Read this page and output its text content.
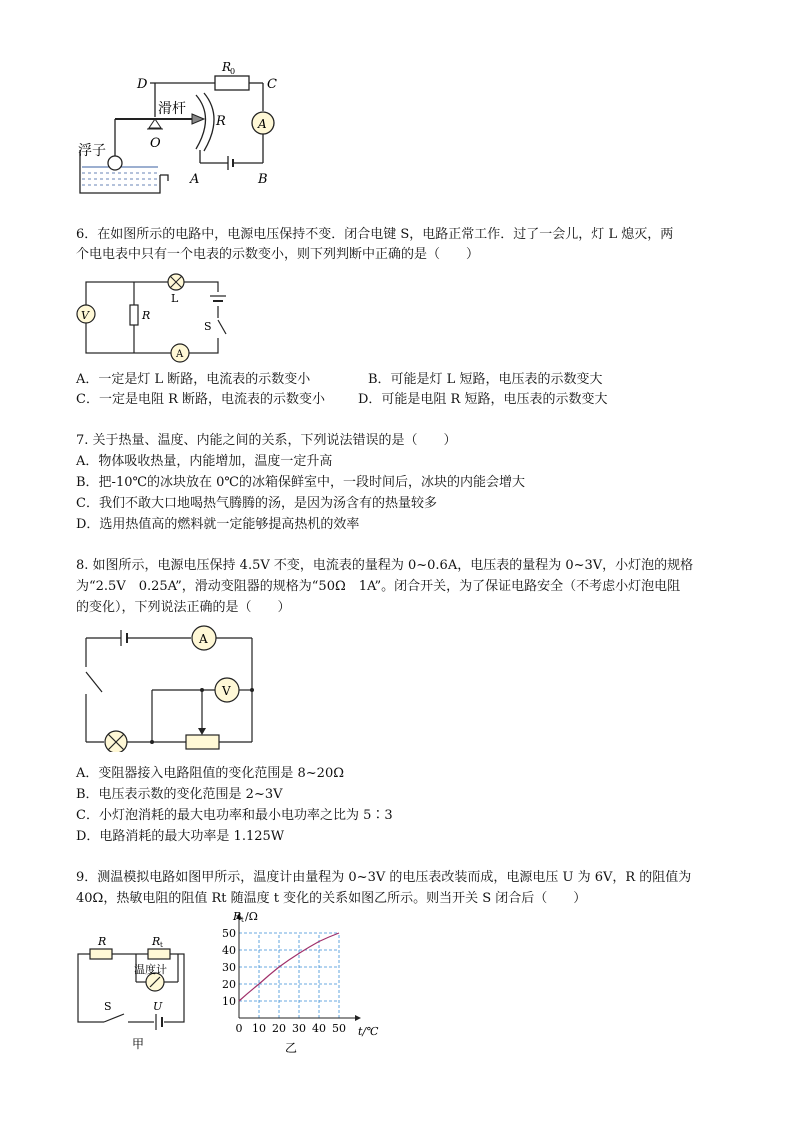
D	C
R
0
滑杆
R
O
浮子
A	B
A
6．在如图所示的电路中，电源电压保持不变．闭合电键 S，电路正常工作．过了一会儿，灯 L 熄灭，两
个电电表中只有一个电表的示数变小，则下列判断中正确的是（　　）
V
L
R
S
A
A．一定是灯 L 断路，电流表的示数变小	B．可能是灯 L 短路，电压表的示数变大
C．一定是电阻 R 断路，电流表的示数变小	D．可能是电阻 R 短路，电压表的示数变大
7. 关于热量、温度、内能之间的关系，下列说法错误的是（　　）
A．物体吸收热量，内能增加，温度一定升高
B．把-10℃的冰块放在 0℃的冰箱保鲜室中，一段时间后，冰块的内能会增大
C．我们不敢大口地喝热气腾腾的汤，是因为汤含有的热量较多
D．选用热值高的燃料就一定能够提高热机的效率
8. 如图所示，电源电压保持 4.5V 不变，电流表的量程为 0~0.6A，电压表的量程为 0~3V，小灯泡的规格
为“2.5V　0.25A”，滑动变阻器的规格为“50Ω　1A”。闭合开关，为了保证电路安全（不考虑小灯泡电阻
的变化），下列说法正确的是（　　）
A
V
A．变阻器接入电路阻值的变化范围是 8~20Ω
B．电压表示数的变化范围是 2~3V
C．小灯泡消耗的最大电功率和最小电功率之比为 5∶3
D．电路消耗的最大功率是 1.125W
9．测温模拟电路如图甲所示，温度计由量程为 0~3V 的电压表改装而成，电源电压 U 为 6V，R 的阻值为
40Ω，热敏电阻的阻值 Rt 随温度 t 变化的关系如图乙所示。则当开关 S 闭合后（　　）
R	R t
温度计
S	U
甲
0 10 20 30 40 50
10
20
30
40
50
R t /Ω
t/℃
乙
